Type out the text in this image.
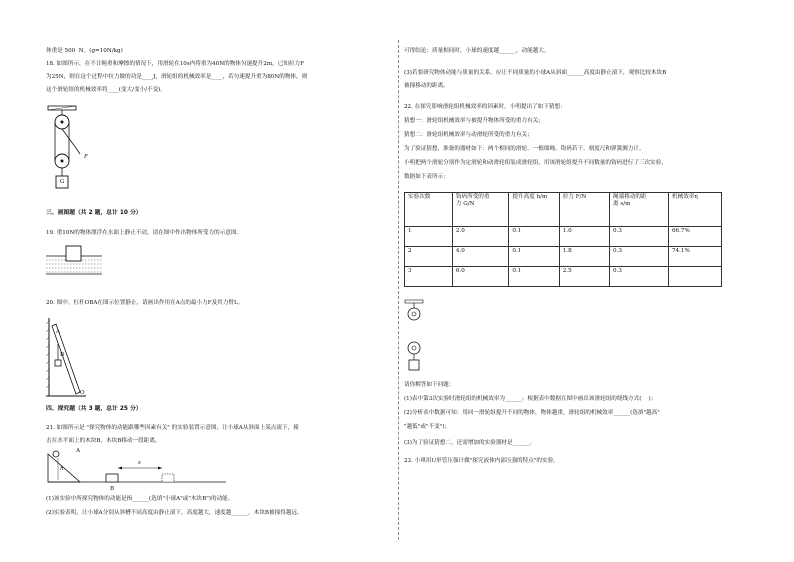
体重是 500  N。(g=10N/kg)

18. 如图所示，在不计绳重和摩擦的情况下，用滑轮在10s内将重为40N的物体匀速提升2m，已知拉力F

为25N，则在这个过程中拉力做的功是____J，滑轮组的机械效率是____，若匀速提升重为80N的物体，则

这个滑轮组的机械效率将____(变大/变小/不变)。

F
G

三、画图题（共 2 题，总计 10 分）

19. 重10N的物体漂浮在水面上静止不动，请在图中作出物体所受力的示意图。

20. 图中，杠杆OBA在图示位置静止，请画出作用在A点的最小力F及其力臂L。

A
B
O

四、探究题（共 3 题，总计 25 分）

21. 如图所示是 "探究物体的动能跟哪些因素有关" 的实验装置示意图，让小球A从斜面上某点滚下，撞

击在水平面上的木块B，木块B移动一段距离。

A
h
B
s

(1)该实验中所探究物体的动能是指______(选填"小球A"或"木块B")的动能。

(2)实验表明，让小球A分别从斜槽不同高度由静止滚下，高度越大，速度越______，木块B被撞得越远。

可得结论：质量相同时，小球的速度越______，动能越大。

(3)若要研究物体动能与质量的关系，应让不同质量的小球A从斜面______高度由静止滚下，观察比较木块B

被撞移动的距离。

22. 在探究影响滑轮组机械效率的因素时，小明提出了如下猜想：

猜想一：滑轮组机械效率与被提升物体所受的重力有关；

猜想二：滑轮组机械效率与动滑轮所受的重力有关；

为了验证猜想，准备的器材如下：两个相同的滑轮、一根细绳、钩码若干、刻度尺和弹簧测力计。

小明把两个滑轮分别作为定滑轮和动滑轮组装成滑轮组，用该滑轮组提升不同数量的钩码进行了三次实验，

数据如下表所示：

实验次数	钩码所受的重
力 G/N	提升高度 h/m	拉力 F/N	绳端移动的距
离 s/m	机械效率η
1	2.0	0.1	1.0	0.3	66.7%
2	4.0	0.1	1.8	0.3	74.1%
3	6.0	0.1	2.5	0.3	

请你解答如下问题：

(1)表中第3次实验时滑轮组的机械效率为______；根据表中数据在图中画出该滑轮组的绕线方式(    )；

(2)分析表中数据可知：用同一滑轮组提升不同的物体，物体越重，滑轮组的机械效率______(选填"越高"

"越低"或"不变")；

(3)为了验证猜想二，还需增加的实验器材是______。

23. 小琪用U形管压强计做"探究液体内部压强的特点"的实验。
